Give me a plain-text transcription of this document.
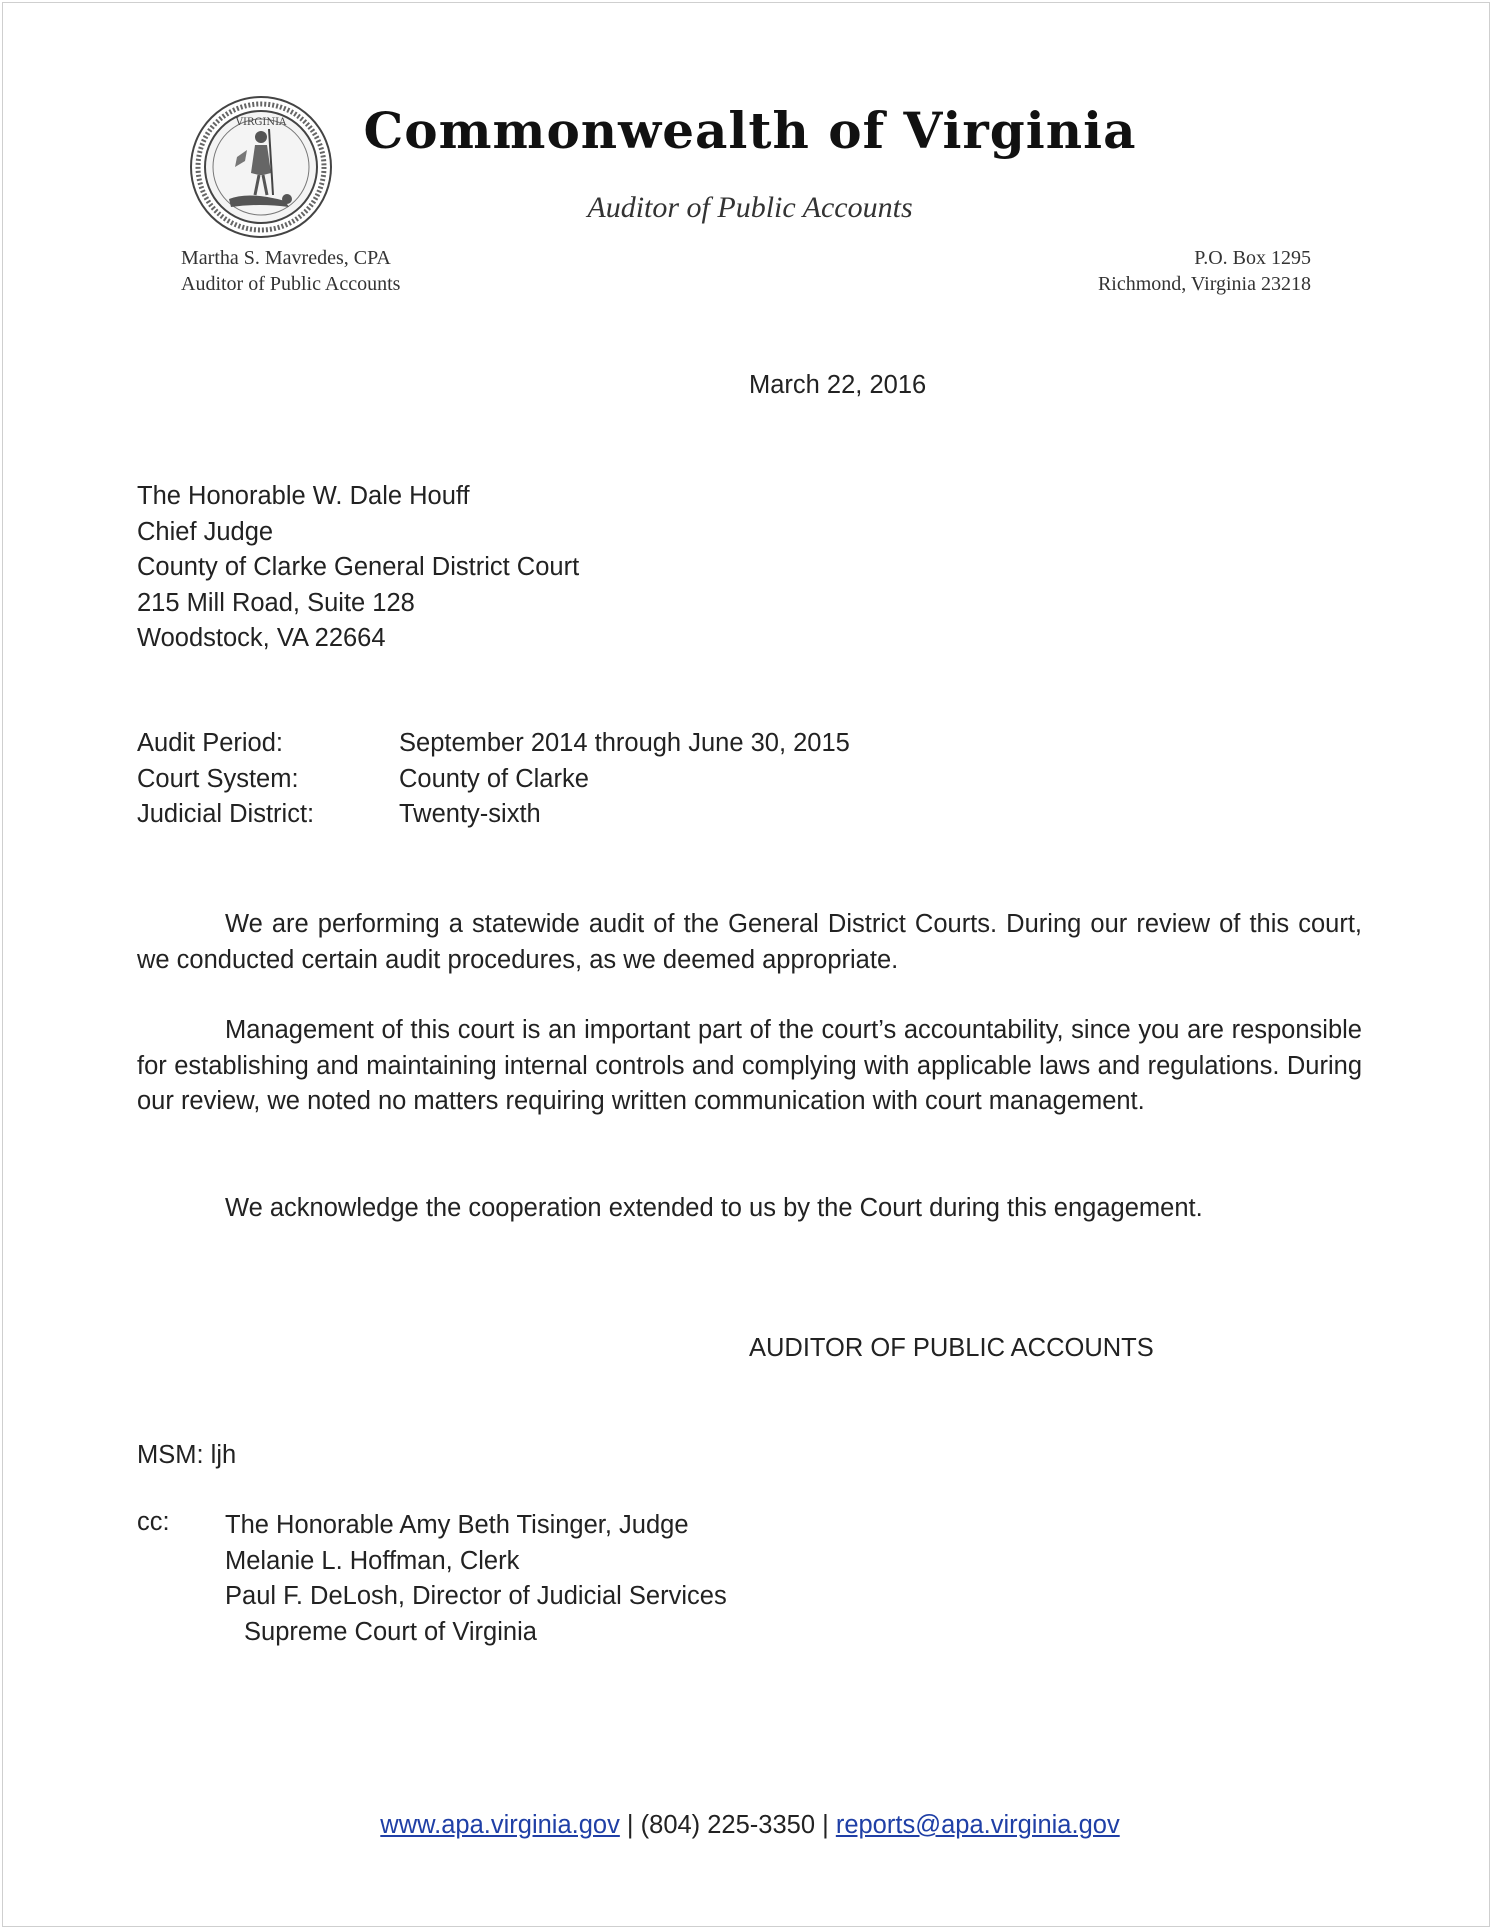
VIRGINIA	Commonwealth of Virginia
Auditor of Public Accounts
Martha S. Mavredes, CPA
Auditor of Public Accounts
P.O. Box 1295
Richmond, Virginia 23218
March 22, 2016
The Honorable W. Dale Houff
Chief Judge
County of Clarke General District Court
215 Mill Road, Suite 128
Woodstock, VA 22664
Audit Period:	September 2014 through June 30, 2015
Court System:	County of Clarke
Judicial District:	Twenty-sixth
We are performing a statewide audit of the General District Courts. During our review of this court, we conducted certain audit procedures, as we deemed appropriate.
Management of this court is an important part of the court’s accountability, since you are responsible for establishing and maintaining internal controls and complying with applicable laws and regulations. During our review, we noted no matters requiring written communication with court management.
We acknowledge the cooperation extended to us by the Court during this engagement.
AUDITOR OF PUBLIC ACCOUNTS
MSM: ljh
cc: The Honorable Amy Beth Tisinger, Judge
Melanie L. Hoffman, Clerk
Paul F. DeLosh, Director of Judicial Services
Supreme Court of Virginia
www.apa.virginia.gov | (804) 225-3350 | reports@apa.virginia.gov
